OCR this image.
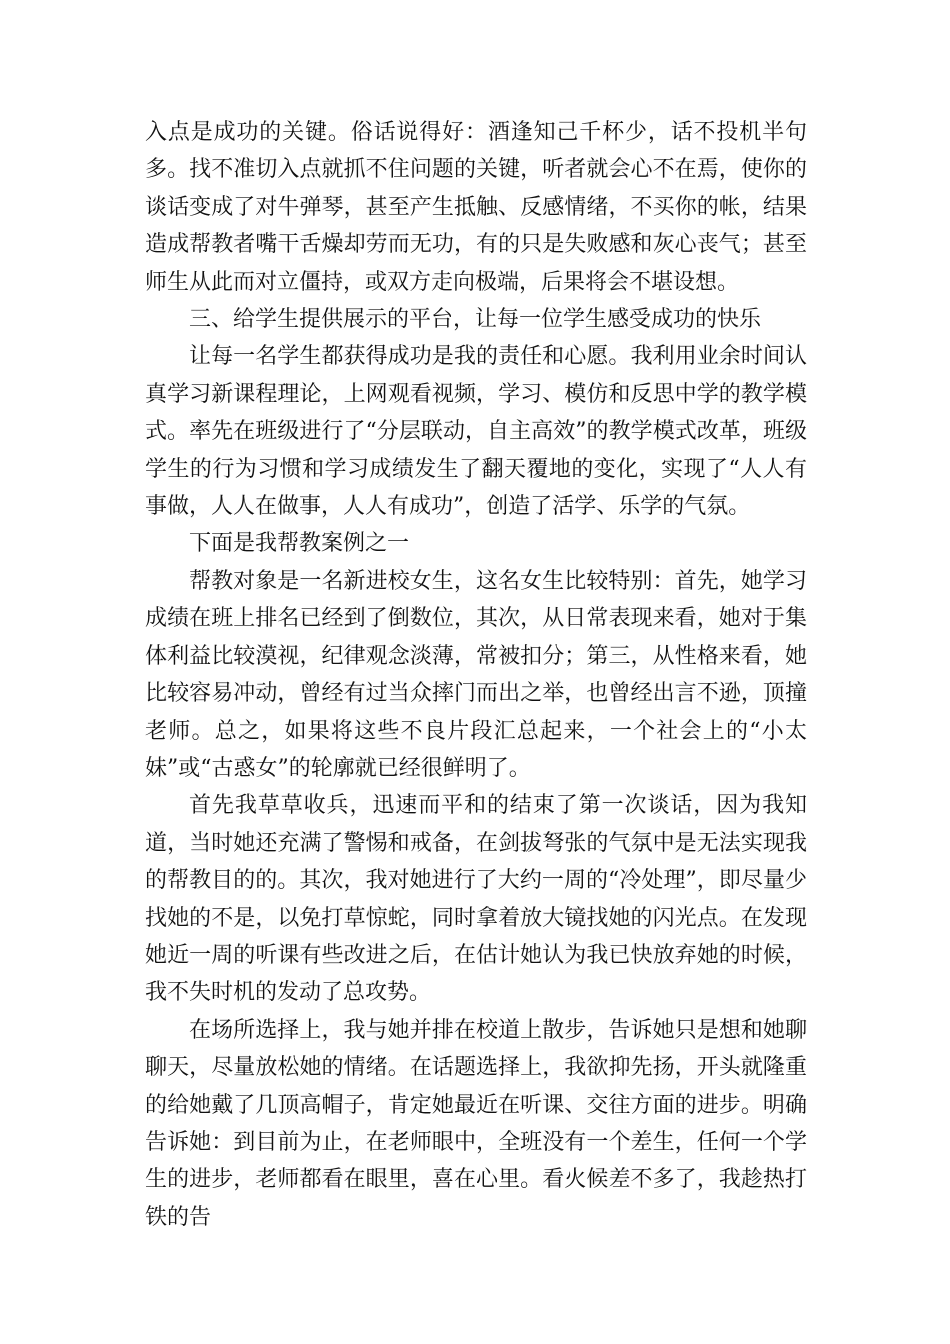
入点是成功的关键。俗话说得好：酒逢知己千杯少，话不投机半句多。找不准切入点就抓不住问题的关键，听者就会心不在焉，使你的谈话变成了对牛弹琴，甚至产生抵触、反感情绪，不买你的帐，结果造成帮教者嘴干舌燥却劳而无功，有的只是失败感和灰心丧气；甚至师生从此而对立僵持，或双方走向极端，后果将会不堪设想。

三、给学生提供展示的平台，让每一位学生感受成功的快乐

让每一名学生都获得成功是我的责任和心愿。我利用业余时间认真学习新课程理论，上网观看视频，学习、模仿和反思中学的教学模式。率先在班级进行了“分层联动，自主高效”的教学模式改革，班级学生的行为习惯和学习成绩发生了翻天覆地的变化，实现了“人人有事做，人人在做事，人人有成功”，创造了活学、乐学的气氛。

下面是我帮教案例之一

帮教对象是一名新进校女生，这名女生比较特别：首先，她学习成绩在班上排名已经到了倒数位，其次，从日常表现来看，她对于集体利益比较漠视，纪律观念淡薄，常被扣分；第三，从性格来看，她比较容易冲动，曾经有过当众摔门而出之举，也曾经出言不逊，顶撞老师。总之，如果将这些不良片段汇总起来，一个社会上的“小太妹”或“古惑女”的轮廓就已经很鲜明了。

首先我草草收兵，迅速而平和的结束了第一次谈话，因为我知道，当时她还充满了警惕和戒备，在剑拔弩张的气氛中是无法实现我的帮教目的的。其次，我对她进行了大约一周的“冷处理”，即尽量少找她的不是，以免打草惊蛇，同时拿着放大镜找她的闪光点。在发现她近一周的听课有些改进之后，在估计她认为我已快放弃她的时候，我不失时机的发动了总攻势。

在场所选择上，我与她并排在校道上散步，告诉她只是想和她聊聊天，尽量放松她的情绪。在话题选择上，我欲抑先扬，开头就隆重的给她戴了几顶高帽子，肯定她最近在听课、交往方面的进步。明确告诉她：到目前为止，在老师眼中，全班没有一个差生，任何一个学生的进步，老师都看在眼里，喜在心里。看火候差不多了，我趁热打铁的告
